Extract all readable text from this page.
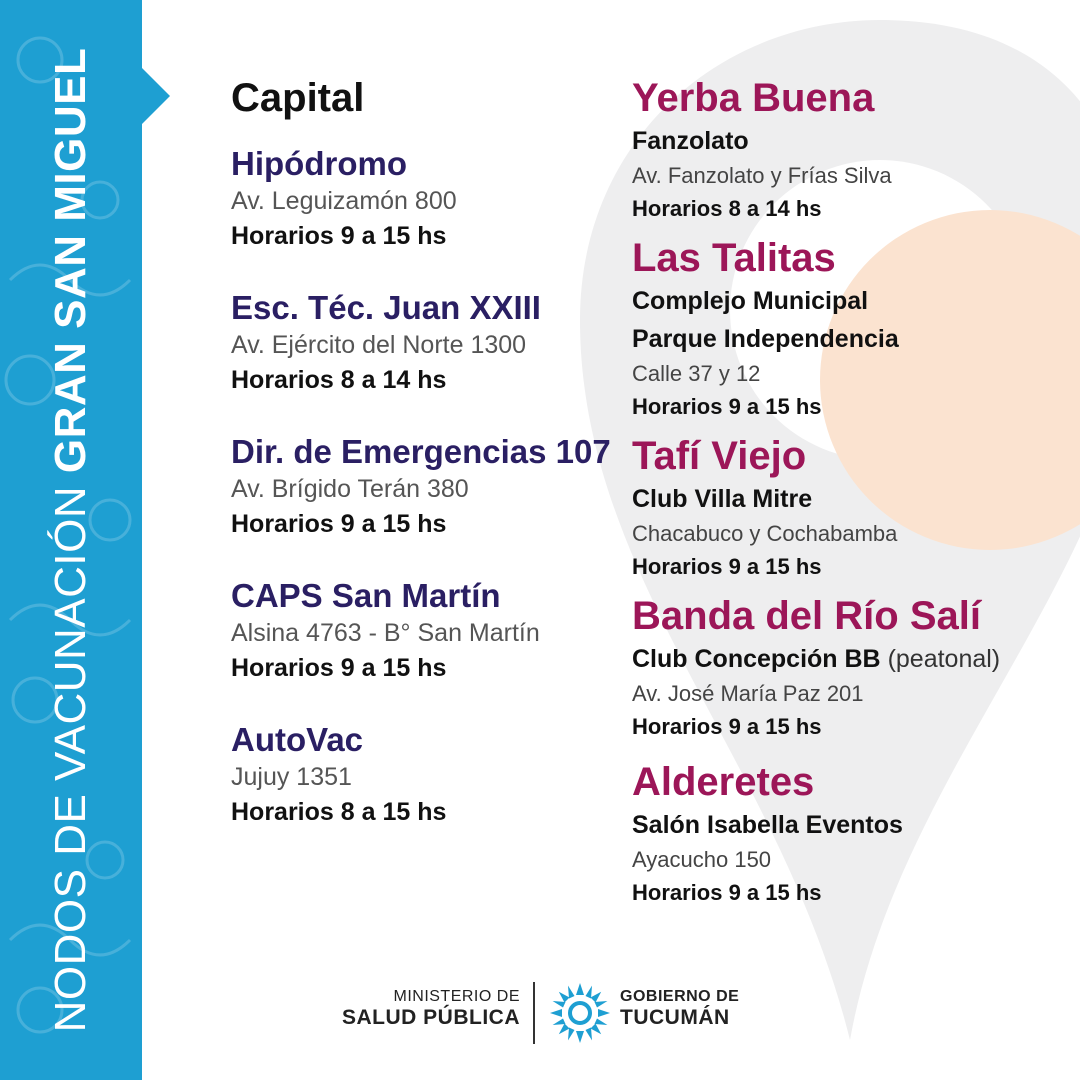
NODOS DE VACUNACIÓN GRAN SAN MIGUEL	Capital
Hipódromo
Av. Leguizamón 800
Horarios 9 a 15 hs
Esc. Téc. Juan XXIII
Av. Ejército del Norte 1300
Horarios 8 a 14 hs
Dir. de Emergencias 107
Av. Brígido Terán 380
Horarios 9 a 15 hs
CAPS San Martín
Alsina 4763 - B° San Martín
Horarios 9 a 15 hs
AutoVac
Jujuy 1351
Horarios 8 a 15 hs
Yerba Buena
Fanzolato
Av. Fanzolato y Frías Silva
Horarios 8 a 14 hs
Las Talitas
Complejo Municipal
Parque Independencia
Calle 37 y 12
Horarios 9 a 15 hs
Tafí Viejo
Club Villa Mitre
Chacabuco y Cochabamba
Horarios 9 a 15 hs
Banda del Río Salí
Club Concepción BB (peatonal)
Av. José María Paz 201
Horarios 9 a 15 hs
Alderetes
Salón Isabella Eventos
Ayacucho 150
Horarios 9 a 15 hs
MINISTERIO DE
SALUD PÚBLICA
GOBIERNO DE
TUCUMÁN
